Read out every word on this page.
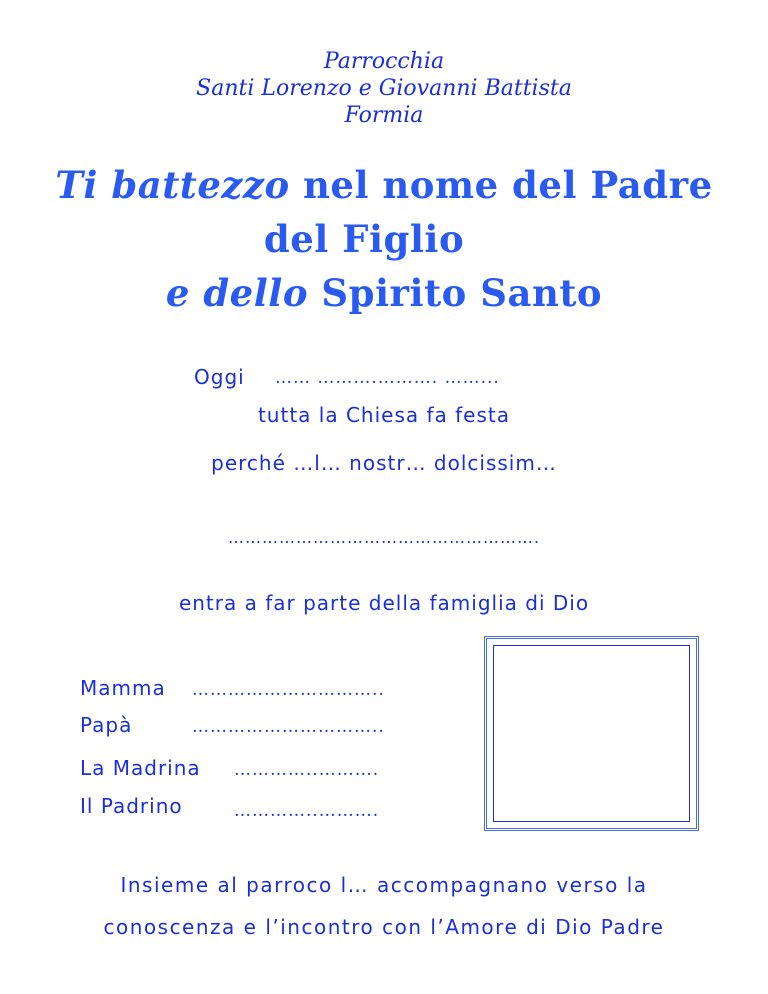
Parrocchia
Santi Lorenzo e Giovanni Battista
Formia
Ti battezzo nel nome del Padre
del Figlio
e dello Spirito Santo
Oggi …… ……….………. ……...
tutta la Chiesa fa festa
perché …l… nostr… dolcissim…
……………………………………………….
entra a far parte della famiglia di Dio
Mamma …………………………..
Papà	…………………………..
La Madrina …………..……….
Il Padrino	…………..……….
Insieme al parroco l… accompagnano verso la
conoscenza e l’incontro con l’Amore di Dio Padre
